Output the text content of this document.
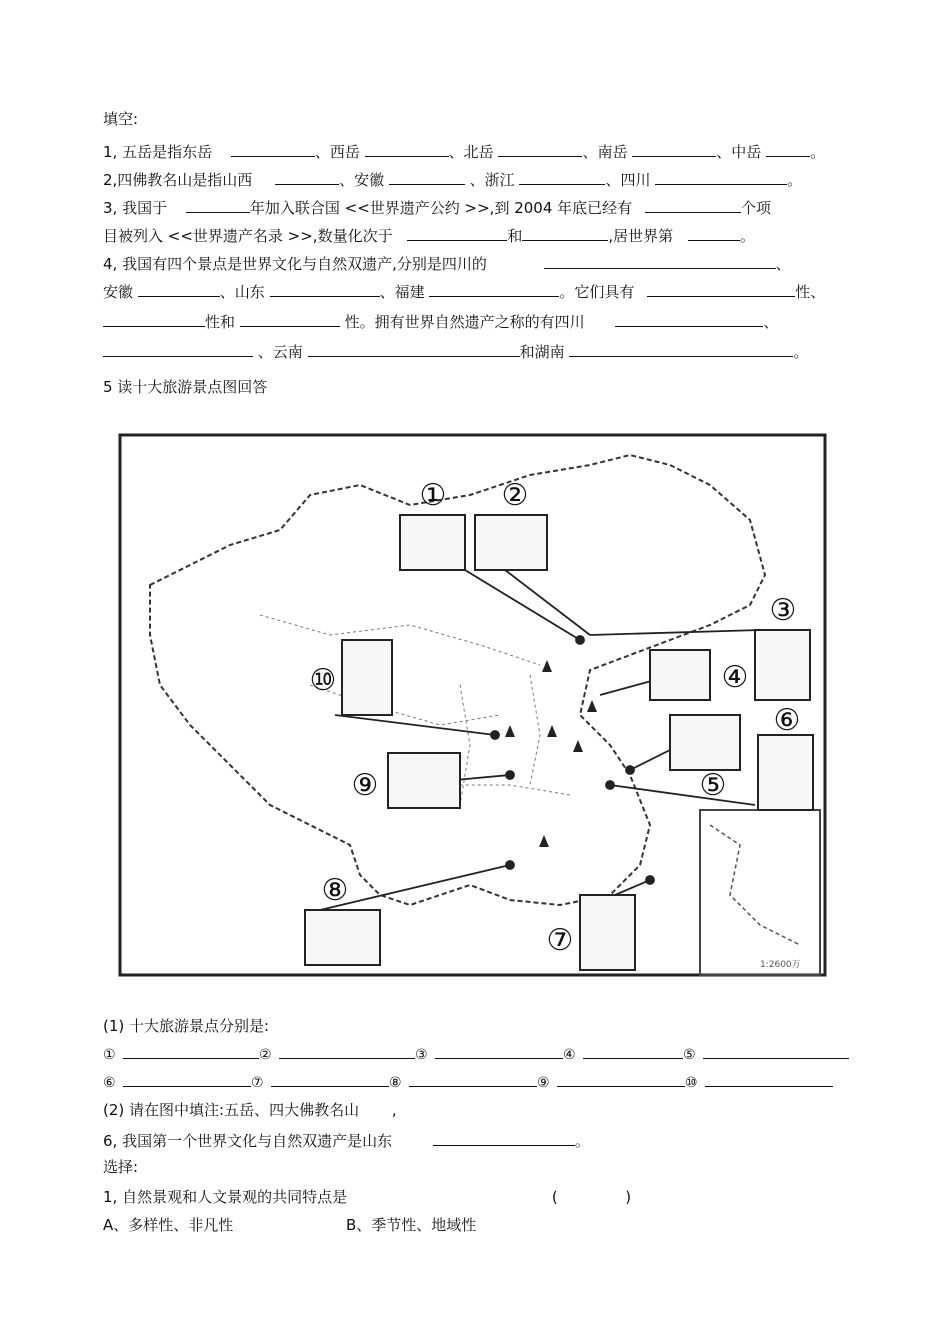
填空:
1, 五岳是指东岳	、西岳	、北岳	、南岳	、中岳	。
2,四佛教名山是指山西	、安徽	、浙江	、四川	。
3, 我国于	年加入联合国 <<世界遗产公约 >>,到 2004 年底已经有	个项
目被列入 <<世界遗产名录 >>,数量化次于	和	,居世界第	。
4, 我国有四个景点是世界文化与自然双遗产,分别是四川的	、
安徽	、山东	、福建	。它们具有	性、
性和	性。拥有世界自然遗产之称的有四川	、
、云南	和湖南	。
5 读十大旅游景点图回答
1:2600万
① ②
③
④
⑤
⑥
⑦
⑧
⑨
⑩
(1) 十大旅游景点分别是:
①	②	③	④	⑤
⑥	⑦	⑧	⑨	⑩
(2) 请在图中填注:五岳、四大佛教名山 ,
6, 我国第一个世界文化与自然双遗产是山东	。
选择:
1, 自然景观和人文景观的共同特点是	(	)
A、多样性、非凡性	B、季节性、地域性
